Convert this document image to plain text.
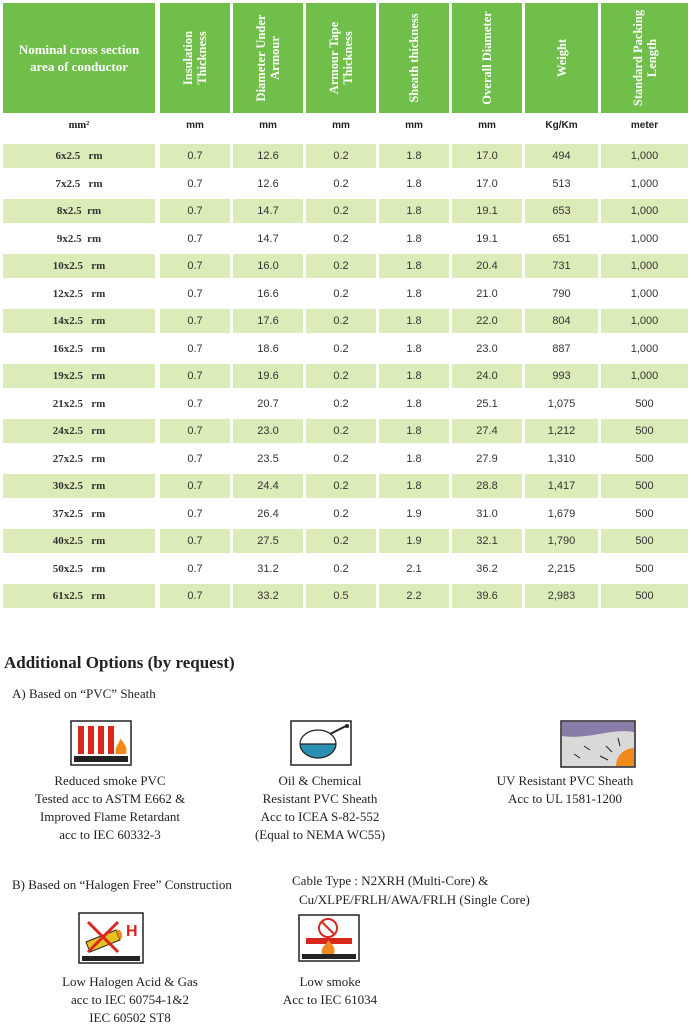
Nominal cross section area of conductor	Insulation Thickness	Diameter Under Armour	Armour Tape Thickness	Sheath thickness	Overall Diameter	Weight	Standard Packing Length
mm²	mm	mm	mm	mm	mm	Kg/Km	meter
6x2.5   rm	0.7	12.6	0.2	1.8	17.0	494	1,000
7x2.5   rm	0.7	12.6	0.2	1.8	17.0	513	1,000
8x2.5  rm	0.7	14.7	0.2	1.8	19.1	653	1,000
9x2.5  rm	0.7	14.7	0.2	1.8	19.1	651	1,000
10x2.5   rm	0.7	16.0	0.2	1.8	20.4	731	1,000
12x2.5   rm	0.7	16.6	0.2	1.8	21.0	790	1,000
14x2.5   rm	0.7	17.6	0.2	1.8	22.0	804	1,000
16x2.5   rm	0.7	18.6	0.2	1.8	23.0	887	1,000
19x2.5   rm	0.7	19.6	0.2	1.8	24.0	993	1,000
21x2.5   rm	0.7	20.7	0.2	1.8	25.1	1,075	500
24x2.5   rm	0.7	23.0	0.2	1.8	27.4	1,212	500
27x2.5   rm	0.7	23.5	0.2	1.8	27.9	1,310	500
30x2.5   rm	0.7	24.4	0.2	1.8	28.8	1,417	500
37x2.5   rm	0.7	26.4	0.2	1.9	31.0	1,679	500
40x2.5   rm	0.7	27.5	0.2	1.9	32.1	1,790	500
50x2.5   rm	0.7	31.2	0.2	2.1	36.2	2,215	500
61x2.5   rm	0.7	33.2	0.5	2.2	39.6	2,983	500
Additional Options (by request)
A) Based on “PVC” Sheath
Reduced smoke PVC
Tested acc to ASTM E662 &
Improved Flame Retardant
acc to IEC 60332-3
Oil & Chemical
Resistant PVC Sheath
Acc to ICEA S-82-552
(Equal to NEMA WC55)
UV Resistant PVC Sheath
Acc to UL 1581-1200
B) Based on “Halogen Free” Construction	Cable Type : N2XRH (Multi-Core) &
Cu/XLPE/FRLH/AWA/FRLH (Single Core)
H
Low Halogen Acid & Gas
acc to IEC 60754-1&2
IEC 60502 ST8
Low smoke
Acc to IEC 61034
